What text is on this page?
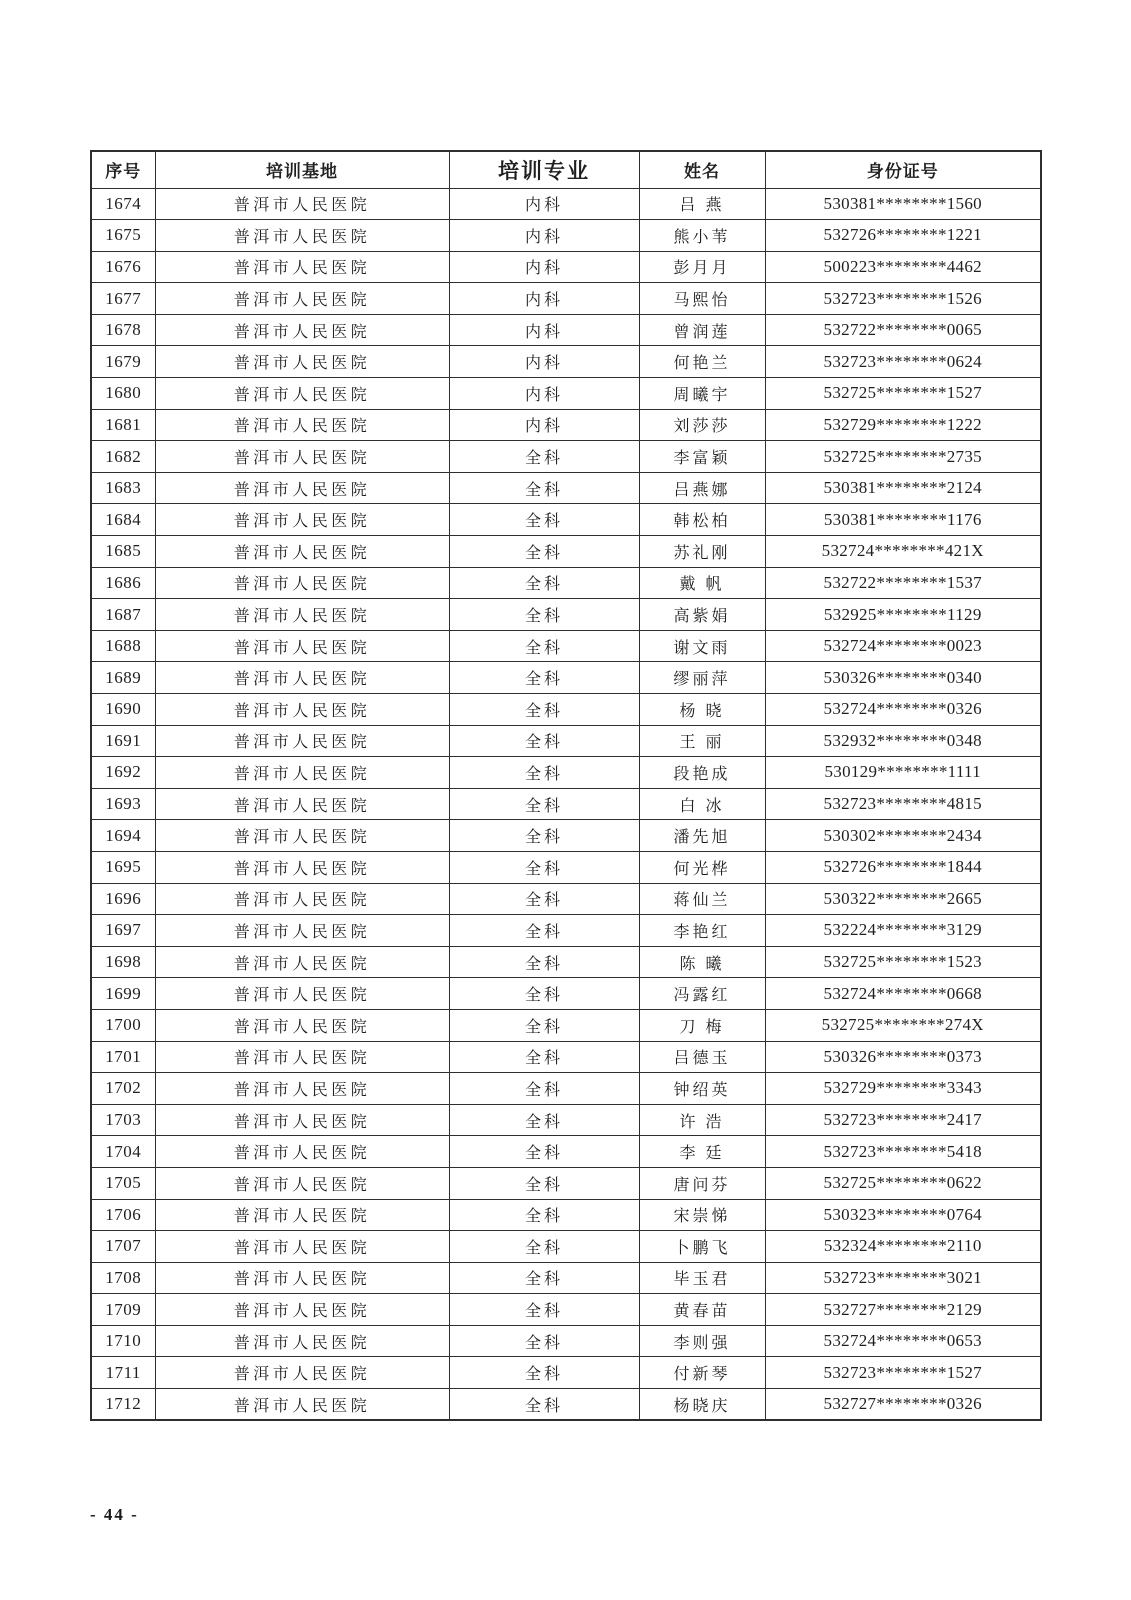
序号	培训基地	培训专业	姓名	身份证号
1674	普洱市人民医院	内科	吕 燕	530381********1560
1675	普洱市人民医院	内科	熊小苇	532726********1221
1676	普洱市人民医院	内科	彭月月	500223********4462
1677	普洱市人民医院	内科	马熙怡	532723********1526
1678	普洱市人民医院	内科	曾润莲	532722********0065
1679	普洱市人民医院	内科	何艳兰	532723********0624
1680	普洱市人民医院	内科	周曦宇	532725********1527
1681	普洱市人民医院	内科	刘莎莎	532729********1222
1682	普洱市人民医院	全科	李富颖	532725********2735
1683	普洱市人民医院	全科	吕燕娜	530381********2124
1684	普洱市人民医院	全科	韩松柏	530381********1176
1685	普洱市人民医院	全科	苏礼刚	532724********421X
1686	普洱市人民医院	全科	戴 帆	532722********1537
1687	普洱市人民医院	全科	高紫娟	532925********1129
1688	普洱市人民医院	全科	谢文雨	532724********0023
1689	普洱市人民医院	全科	缪丽萍	530326********0340
1690	普洱市人民医院	全科	杨 晓	532724********0326
1691	普洱市人民医院	全科	王 丽	532932********0348
1692	普洱市人民医院	全科	段艳成	530129********1111
1693	普洱市人民医院	全科	白 冰	532723********4815
1694	普洱市人民医院	全科	潘先旭	530302********2434
1695	普洱市人民医院	全科	何光桦	532726********1844
1696	普洱市人民医院	全科	蒋仙兰	530322********2665
1697	普洱市人民医院	全科	李艳红	532224********3129
1698	普洱市人民医院	全科	陈 曦	532725********1523
1699	普洱市人民医院	全科	冯露红	532724********0668
1700	普洱市人民医院	全科	刀 梅	532725********274X
1701	普洱市人民医院	全科	吕德玉	530326********0373
1702	普洱市人民医院	全科	钟绍英	532729********3343
1703	普洱市人民医院	全科	许 浩	532723********2417
1704	普洱市人民医院	全科	李 廷	532723********5418
1705	普洱市人民医院	全科	唐问芬	532725********0622
1706	普洱市人民医院	全科	宋崇悌	530323********0764
1707	普洱市人民医院	全科	卜鹏飞	532324********2110
1708	普洱市人民医院	全科	毕玉君	532723********3021
1709	普洱市人民医院	全科	黄春苗	532727********2129
1710	普洱市人民医院	全科	李则强	532724********0653
1711	普洱市人民医院	全科	付新琴	532723********1527
1712	普洱市人民医院	全科	杨晓庆	532727********0326
- 44 -
